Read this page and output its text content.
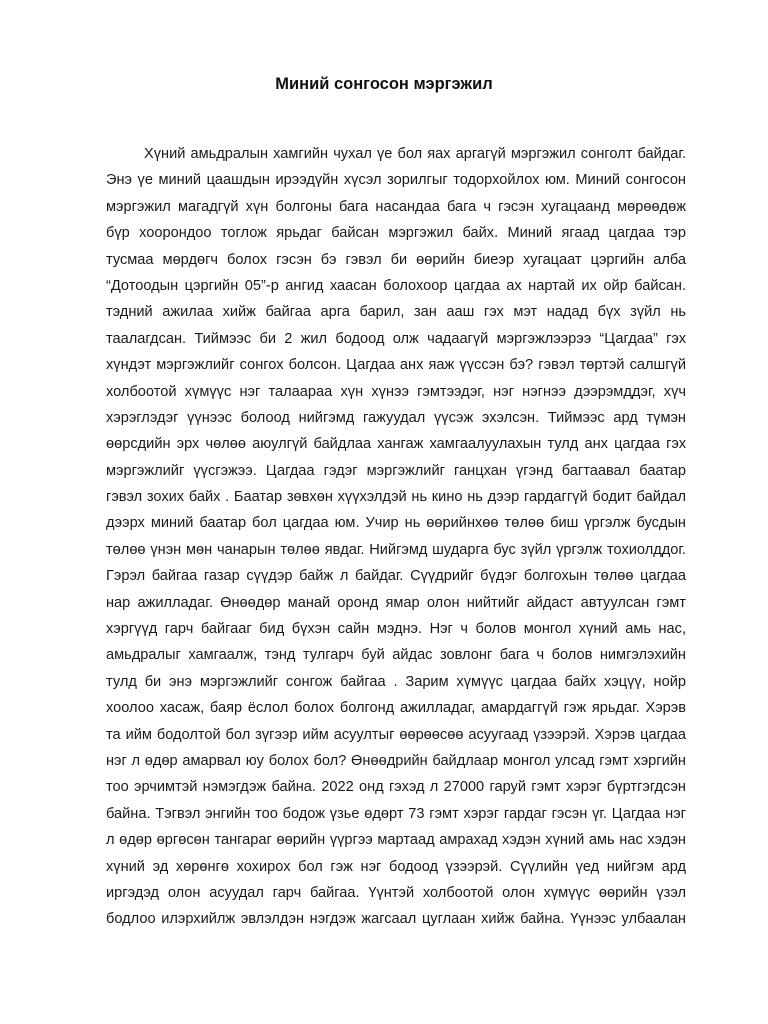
Миний сонгосон мэргэжил
Хүний амьдралын хамгийн чухал үе бол яах аргагүй мэргэжил сонголт байдаг.
Энэ үе миний цаашдын ирээдүйн хүсэл зорилгыг тодорхойлох юм. Миний сонгосон
мэргэжил магадгүй хүн болгоны бага насандаа бага ч гэсэн хугацаанд мөрөөдөж
бүр хоорондоо тоглож ярьдаг байсан мэргэжил байх. Миний ягаад цагдаа тэр
тусмаа мөрдөгч болох гэсэн бэ гэвэл би өөрийн биеэр хугацаат цэргийн алба
“Дотоодын цэргийн 05”-р ангид хаасан болохоор цагдаа ах нартай их ойр байсан.
тэдний ажилаа хийж байгаа арга барил, зан ааш гэх мэт надад бүх зүйл нь
таалагдсан. Тиймээс би 2 жил бодоод олж чадаагүй мэргэжлээрээ “Цагдаа” гэх
хүндэт мэргэжлийг сонгох болсон. Цагдаа анх яаж үүссэн бэ? гэвэл төртэй салшгүй
холбоотой хүмүүс нэг талаараа хүн хүнээ гэмтээдэг, нэг нэгнээ дээрэмддэг, хүч
хэрэглэдэг үүнээс болоод нийгэмд гажуудал үүсэж эхэлсэн. Тиймээс ард түмэн
өөрсдийн эрх чөлөө аюулгүй байдлаа хангаж хамгаалуулахын тулд анх цагдаа гэх
мэргэжлийг үүсгэжээ. Цагдаа гэдэг мэргэжлийг ганцхан үгэнд багтаавал баатар
гэвэл зохих байх . Баатар зөвхөн хүүхэлдэй нь кино нь дээр гардаггүй бодит байдал
дээрх миний баатар бол цагдаа юм. Учир нь өөрийнхөө төлөө биш үргэлж бусдын
төлөө үнэн мөн чанарын төлөө явдаг. Нийгэмд шударга бус зүйл үргэлж тохиолддог.
Гэрэл байгаа газар сүүдэр байж л байдаг. Сүүдрийг бүдэг болгохын төлөө цагдаа
нар ажилладаг. Өнөөдөр манай оронд ямар олон нийтийг айдаст автуулсан гэмт
хэргүүд гарч байгааг бид бүхэн сайн мэднэ. Нэг ч болов монгол хүний амь нас,
амьдралыг хамгаалж, тэнд тулгарч буй айдас зовлонг бага ч болов нимгэлэхийн
тулд би энэ мэргэжлийг сонгож байгаа . Зарим хүмүүс цагдаа байх хэцүү, нойр
хоолоо хасаж, баяр ёслол болох болгонд ажилладаг, амардаггүй гэж ярьдаг. Хэрэв
та ийм бодолтой бол зүгээр ийм асуултыг өөрөөсөө асуугаад үзээрэй. Хэрэв цагдаа
нэг л өдөр амарвал юу болох бол? Өнөөдрийн байдлаар монгол улсад гэмт хэргийн
тоо эрчимтэй нэмэгдэж байна. 2022 онд гэхэд л 27000 гаруй гэмт хэрэг бүртгэгдсэн
байна. Тэгвэл энгийн тоо бодож үзье өдөрт 73 гэмт хэрэг гардаг гэсэн үг. Цагдаа нэг
л өдөр өргөсөн тангараг өөрийн үүргээ мартаад амрахад хэдэн хүний амь нас хэдэн
хүний эд хөрөнгө хохирох бол гэж нэг бодоод үзээрэй. Сүүлийн үед нийгэм ард
иргэдэд олон асуудал гарч байгаа. Үүнтэй холбоотой олон хүмүүс өөрийн үзэл
бодлоо илэрхийлж эвлэлдэн нэгдэж жагсаал цуглаан хийж байна. Үүнээс улбаалан
